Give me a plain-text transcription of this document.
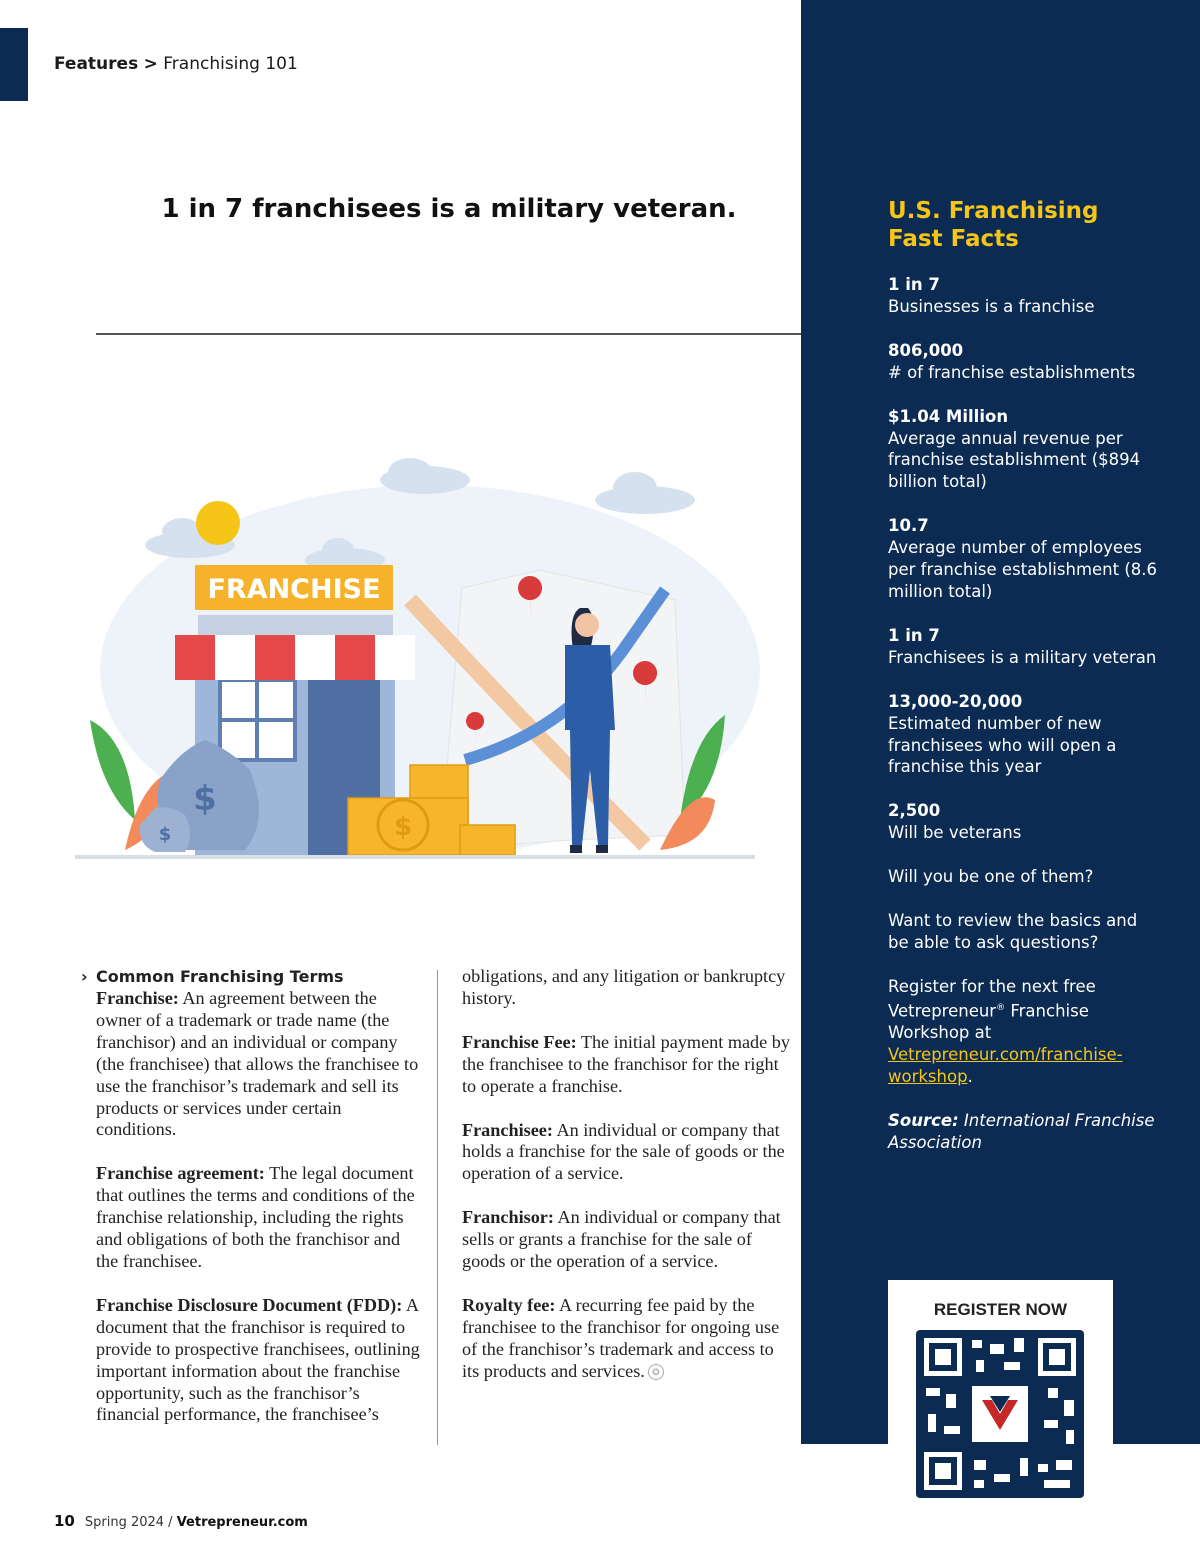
Features > Franchising 101
1 in 7 franchisees is a military veteran.
FRANCHISE
$
$	$

› Common Franchising Terms

Franchise: An agreement between the owner of a trademark or trade name (the franchisor) and an individual or company (the franchisee) that allows the franchisee to use the franchisor’s trademark and sell its products or services under certain conditions.

Franchise agreement: The legal document that outlines the terms and conditions of the franchise relationship, including the rights and obligations of both the franchisor and the franchisee.

Franchise Disclosure Document (FDD): A document that the franchisor is required to provide to prospective franchisees, outlining important information about the franchise opportunity, such as the franchisor’s financial performance, the franchisee’s

obligations, and any litigation or bankruptcy history.

Franchise Fee: The initial payment made by the franchisee to the franchisor for the right to operate a franchise.

Franchisee: An individual or company that holds a franchise for the sale of goods or the operation of a service.

Franchisor: An individual or company that sells or grants a franchise for the sale of goods or the operation of a service.

Royalty fee: A recurring fee paid by the franchisee to the franchisor for ongoing use of the franchisor’s trademark and access to its products and services. ✪

U.S. Franchising Fast Facts
1 in 7
Businesses is a franchise
806,000
# of franchise establishments
$1.04 Million
Average annual revenue per franchise establishment ($894 billion total)
10.7
Average number of employees per franchise establishment (8.6 million total)
1 in 7
Franchisees is a military veteran
13,000-20,000
Estimated number of new franchisees who will open a franchise this year
2,500
Will be veterans

Will you be one of them?

Want to review the basics and be able to ask questions?

Register for the next free Vetrepreneur® Franchise Workshop at Vetrepreneur.com/franchise-workshop.

Source: International Franchise Association

REGISTER NOW
10 Spring 2024 / Vetrepreneur.com
